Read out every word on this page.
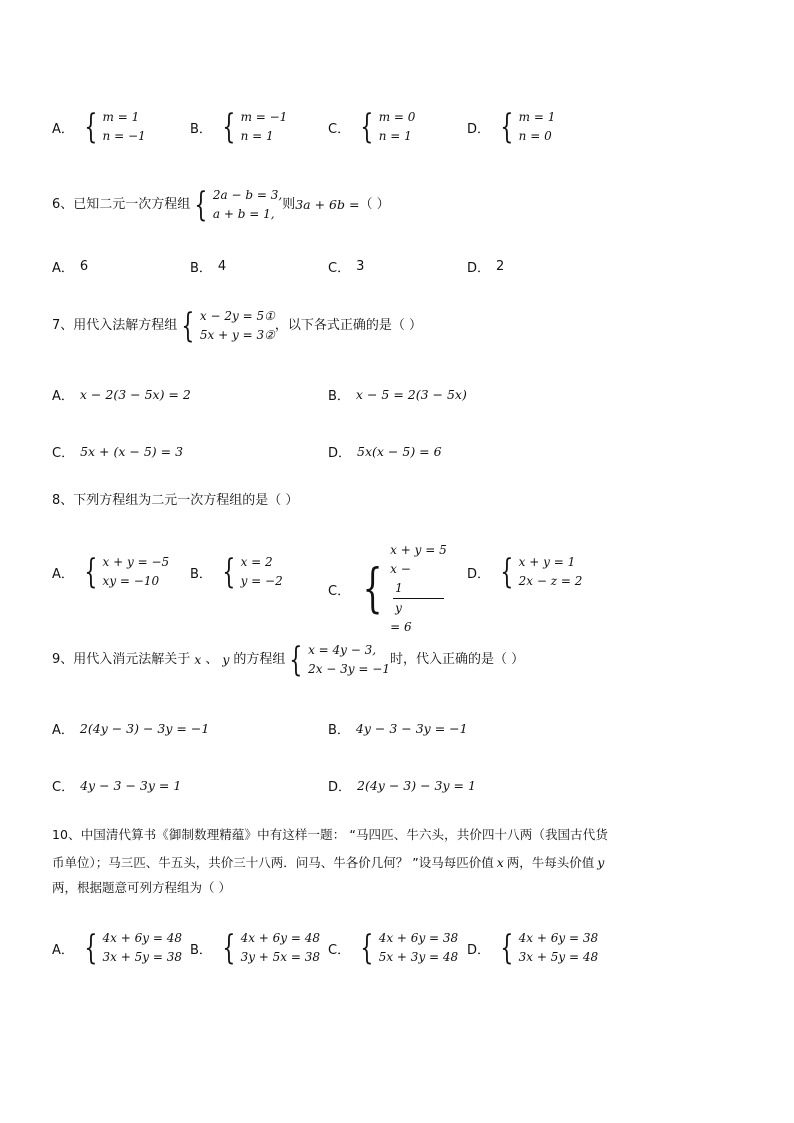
A． { m = 1
n = −1	B． { m = −1
n = 1	C． { m = 0
n = 1	D． { m = 1
n = 0
6、已知二元一次方程组 { 2a − b = 3,
a + b = 1,
则 3a + 6b = （ ）
A． 6	B． 4	C． 3	D． 2
7、用代入法解方程组 { x − 2y = 5①
5x + y = 3②
，以下各式正确的是（ ）
A． x − 2(3 − 5x) = 2	B． x − 5 = 2(3 − 5x)
C． 5x + (x − 5) = 3	D． 5x(x − 5) = 6
8、下列方程组为二元一次方程组的是（ ）
A． { x + y = −5
xy = −10	B． { x = 2
y = −2
C． {
x + y = 5
x −
1
y
= 6
D． { x + y = 1
2x − z = 2
9、用代入消元法解关于 x 、 y 的方程组 { x = 4y − 3,
2x − 3y = −1
时，代入正确的是（ ）
A． 2(4y − 3) − 3y = −1	B． 4y − 3 − 3y = −1
C． 4y − 3 − 3y = 1	D． 2(4y − 3) − 3y = 1
10、中国清代算书《御制数理精蕴》中有这样一题： “马四匹、牛六头，共价四十八两（我国古代货
币单位）；马三匹、牛五头，共价三十八两．问马、牛各价几何？ ”设马每匹价值 x 两，牛每头价值 y
两，根据题意可列方程组为（ ）
A． { 4x + 6y = 48
3x + 5y = 38 B． { 4x + 6y = 48
3y + 5x = 38 C． { 4x + 6y = 38
5x + 3y = 48 D． { 4x + 6y = 38
3x + 5y = 48
